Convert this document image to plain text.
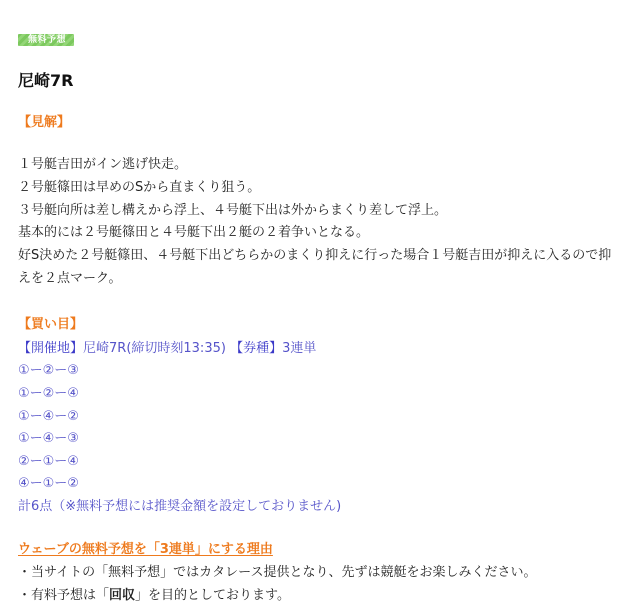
無料予想
尼崎7R
【見解】
１号艇吉田がイン逃げ快走。
２号艇篠田は早めのSから直まくり狙う。
３号艇向所は差し構えから浮上、４号艇下出は外からまくり差して浮上。
基本的には２号艇篠田と４号艇下出２艇の２着争いとなる。
好S決めた２号艇篠田、４号艇下出どちらかのまくり抑えに行った場合１号艇吉田が抑えに入るので抑えを２点マーク。
【買い目】
【開催地】尼崎7R(締切時刻13:35) 【券種】3連単
①ー②ー③
①ー②ー④
①ー④ー②
①ー④ー③
②ー①ー④
④ー①ー②
計6点（※無料予想には推奨金額を設定しておりません)
ウェーブの無料予想を「3連単」にする理由
・当サイトの「無料予想」ではカタレース提供となり、先ずは競艇をお楽しみください。
・有料予想は「回収」を目的としております。
